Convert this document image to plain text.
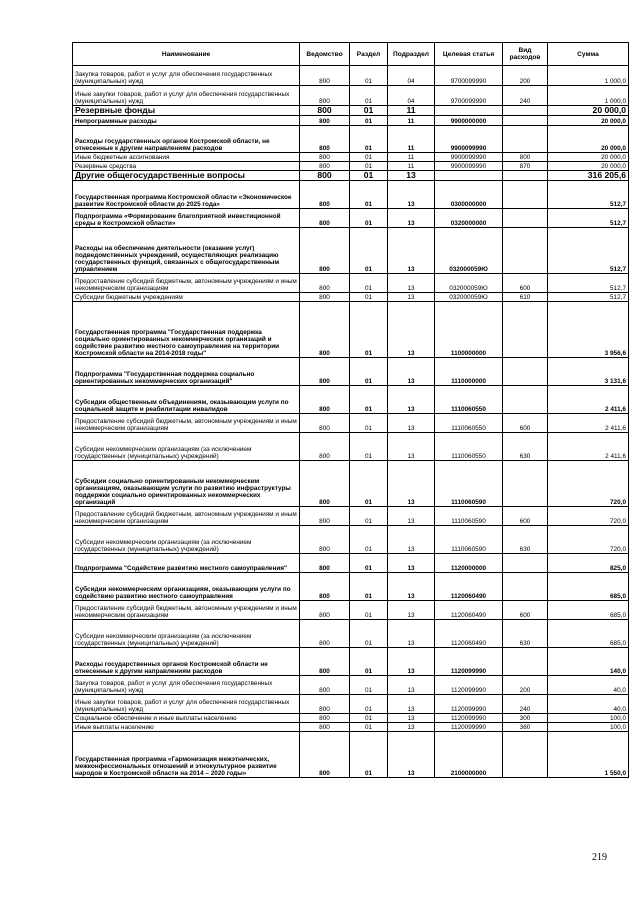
Наименование	Ведомство	Раздел	Подраздел	Целевая статья	Вид расходов	Сумма
Закупка товаров, работ и услуг для обеспечения государственных (муниципальных) нужд	800	01	04	9700099990	200	1 000,0
Иные закупки товаров, работ и услуг для обеспечения государственных (муниципальных) нужд	800	01	04	9700099990	240	1 000,0
Резервные фонды	800	01	11			20 000,0
Непрограммные расходы	800	01	11	9900000000		20 000,0
Расходы государственных органов Костромской области, не отнесенные к другим направлениям расходов	800	01	11	9900099990		20 000,0
Иные бюджетные ассигнования	800	01	11	9900099990	800	20 000,0
Резервные средства	800	01	11	9900099990	870	20 000,0
Другие общегосударственные вопросы	800	01	13			316 205,6
Государственная программа Костромской области «Экономическое развитие Костромской области до 2025 года»	800	01	13	0300000000		512,7
Подпрограмма «Формирование благоприятной инвестиционной среды в Костромской области»	800	01	13	0320000000		512,7
Расходы на обеспечение деятельности (оказание услуг) подведомственных учреждений, осуществляющих реализацию государственных функций, связанных с общегосударственным управлением	800	01	13	032000059Ю		512,7
Предоставление субсидий бюджетным, автономным учреждениям и иным некоммерческим организациям	800	01	13	032000059Ю	600	512,7
Субсидии бюджетным учреждениям	800	01	13	032000059Ю	610	512,7
Государственная программа "Государственная поддержка социально ориентированных некоммерческих организаций и содействие развитию местного самоуправления на территории Костромской области на 2014-2018 годы"	800	01	13	1100000000		3 956,6
Подпрограмма "Государственная поддержка социально ориентированных некоммерческих организаций"	800	01	13	1110000000		3 131,6
Субсидии общественным объединениям, оказывающим услуги по социальной защите и реабилитации инвалидов	800	01	13	1110060550		2 411,6
Предоставление субсидий бюджетным, автономным учреждениям и иным некоммерческим организациям	800	01	13	1110060550	600	2 411,6
Субсидии некоммерческим организациям (за исключением государственных (муниципальных) учреждений)	800	01	13	1110060550	630	2 411,6
Субсидии социально ориентированным некоммерческим организациям, оказывающим услуги по развитию инфраструктуры поддержки социально ориентированных некоммерческих организаций	800	01	13	1110060590		720,0
Предоставление субсидий бюджетным, автономным учреждениям и иным некоммерческим организациям	800	01	13	1110060590	600	720,0
Субсидии некоммерческим организациям (за исключением государственных (муниципальных) учреждений)	800	01	13	1110060590	630	720,0
Подпрограмма "Содействие развитию местного самоуправления"	800	01	13	1120000000		825,0
Субсидии некоммерческим организациям, оказывающим услуги по содействию развитию местного самоуправления	800	01	13	1120060490		685,0
Предоставление субсидий бюджетным, автономным учреждениям и иным некоммерческим организациям	800	01	13	1120060490	600	685,0
Субсидии некоммерческим организациям (за исключением государственных (муниципальных) учреждений)	800	01	13	1120060490	630	685,0
Расходы государственных органов Костромской области не отнесенные к другим направлениям расходов	800	01	13	1120099990		140,0
Закупка товаров, работ и услуг для обеспечения государственных (муниципальных) нужд	800	01	13	1120099990	200	40,0
Иные закупки товаров, работ и услуг для обеспечения государственных (муниципальных) нужд	800	01	13	1120099990	240	40,0
Социальное обеспечение и иные выплаты населению	800	01	13	1120099990	300	100,0
Иные выплаты населению	800	01	13	1120099990	360	100,0
Государственная программа «Гармонизация межэтнических, межконфессиональных отношений и этнокультурное развитие народов в Костромской области на 2014 – 2020 годы»	800	01	13	2100000000		1 550,0
219
